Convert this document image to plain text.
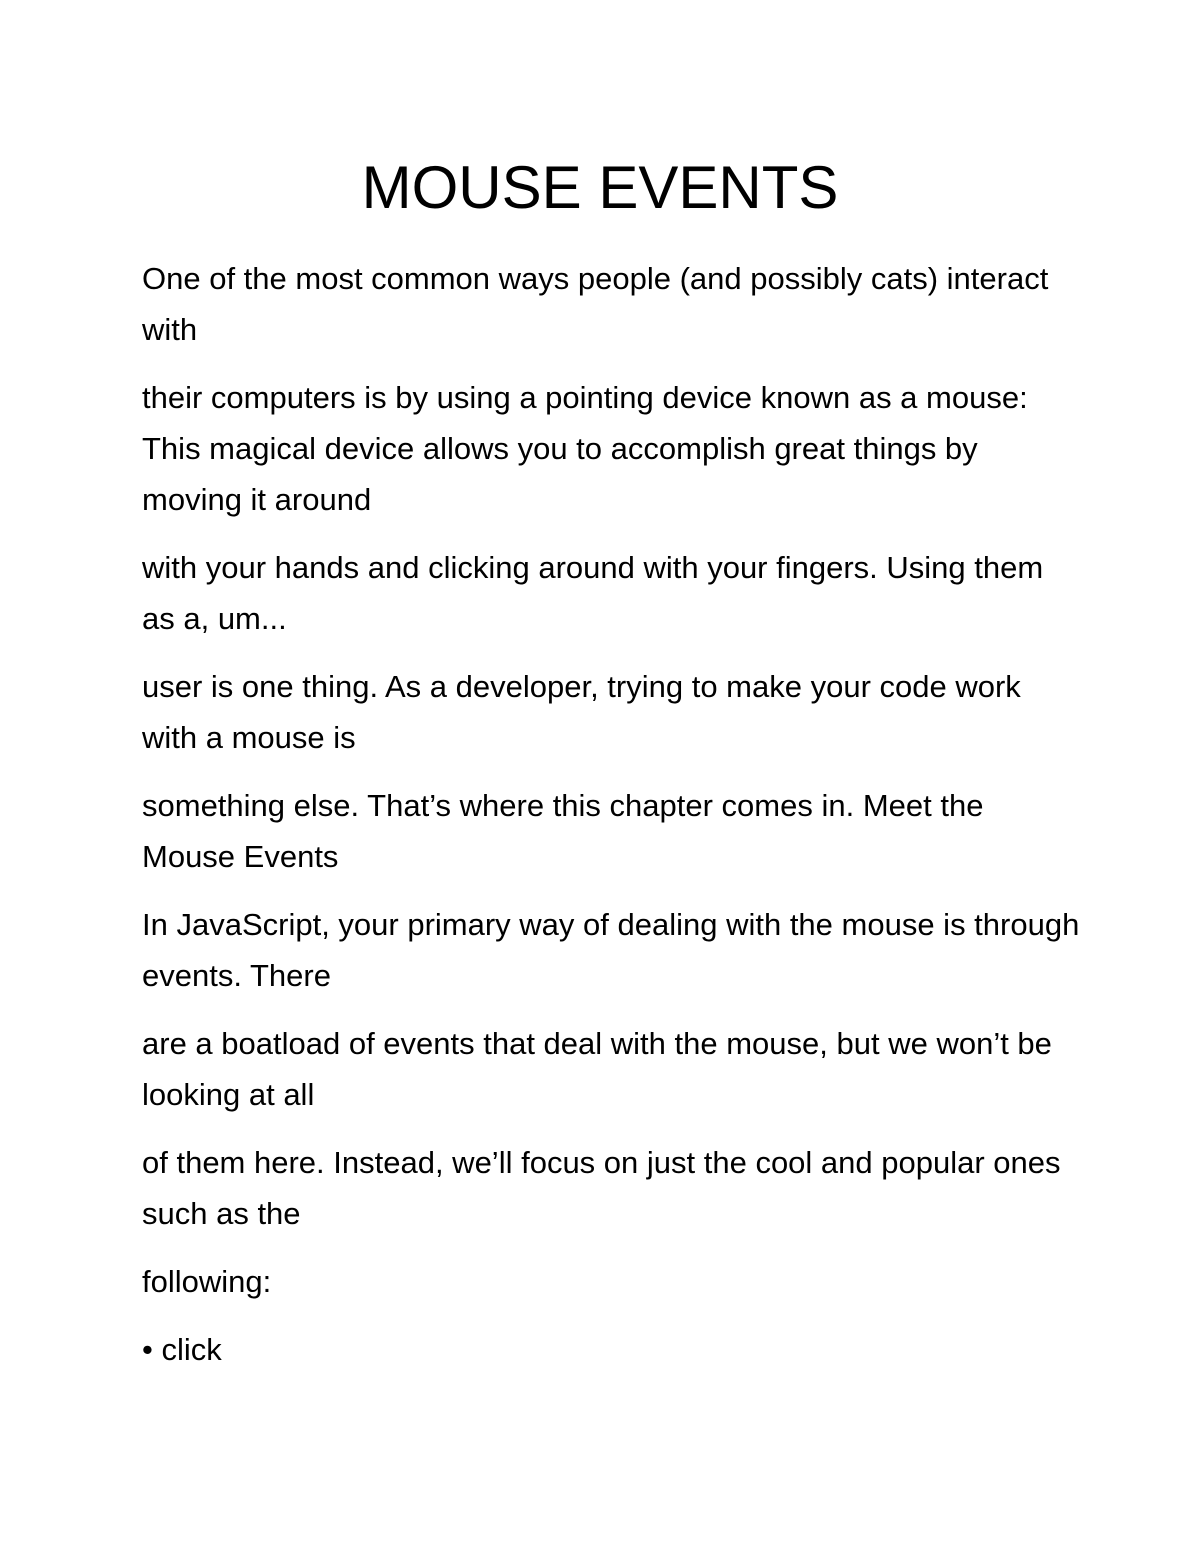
MOUSE EVENTS
One of the most common ways people (and possibly cats) interact with
their computers is by using a pointing device known as a mouse: This magical device allows you to accomplish great things by moving it around
with your hands and clicking around with your fingers. Using them as a, um...
user is one thing. As a developer, trying to make your code work with a mouse is
something else. That’s where this chapter comes in. Meet the Mouse Events
In JavaScript, your primary way of dealing with the mouse is through events. There
are a boatload of events that deal with the mouse, but we won’t be looking at all
of them here. Instead, we’ll focus on just the cool and popular ones such as the
following:
• click
